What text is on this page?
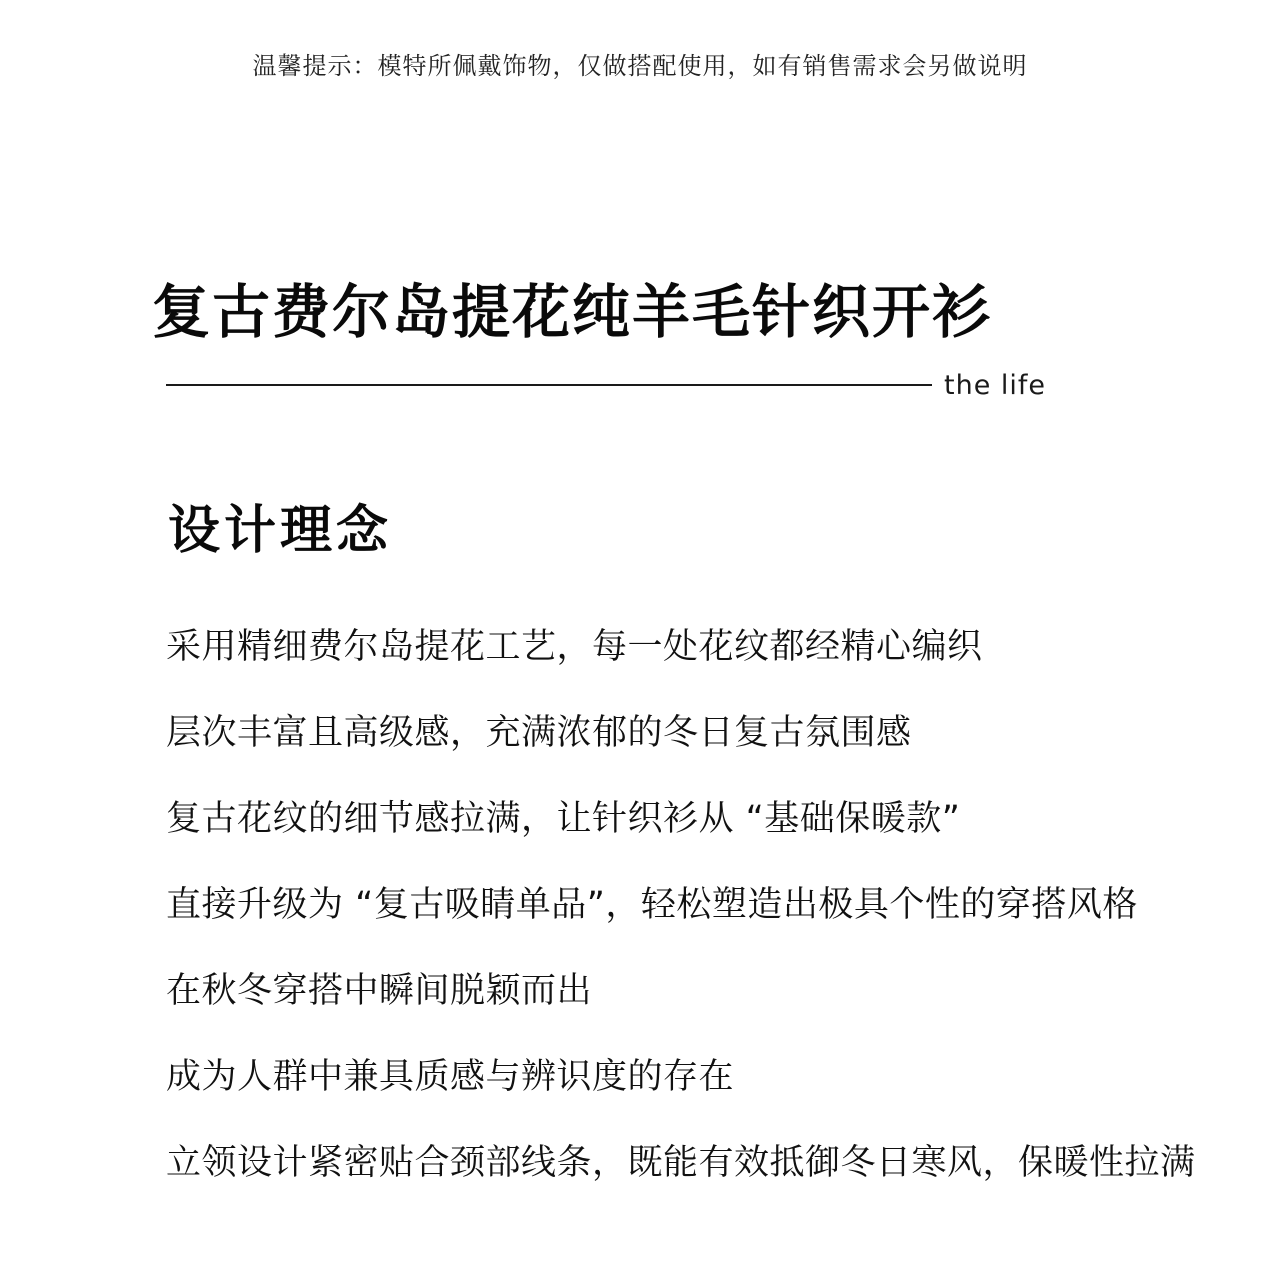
温馨提示：模特所佩戴饰物，仅做搭配使用，如有销售需求会另做说明
复古费尔岛提花纯羊毛针织开衫
the life
设计理念
采用精细费尔岛提花工艺，每一处花纹都经精心编织
层次丰富且高级感，充满浓郁的冬日复古氛围感
复古花纹的细节感拉满，让针织衫从 “基础保暖款”
直接升级为 “复古吸睛单品”，轻松塑造出极具个性的穿搭风格
在秋冬穿搭中瞬间脱颖而出
成为人群中兼具质感与辨识度的存在
立领设计紧密贴合颈部线条，既能有效抵御冬日寒风，保暖性拉满
